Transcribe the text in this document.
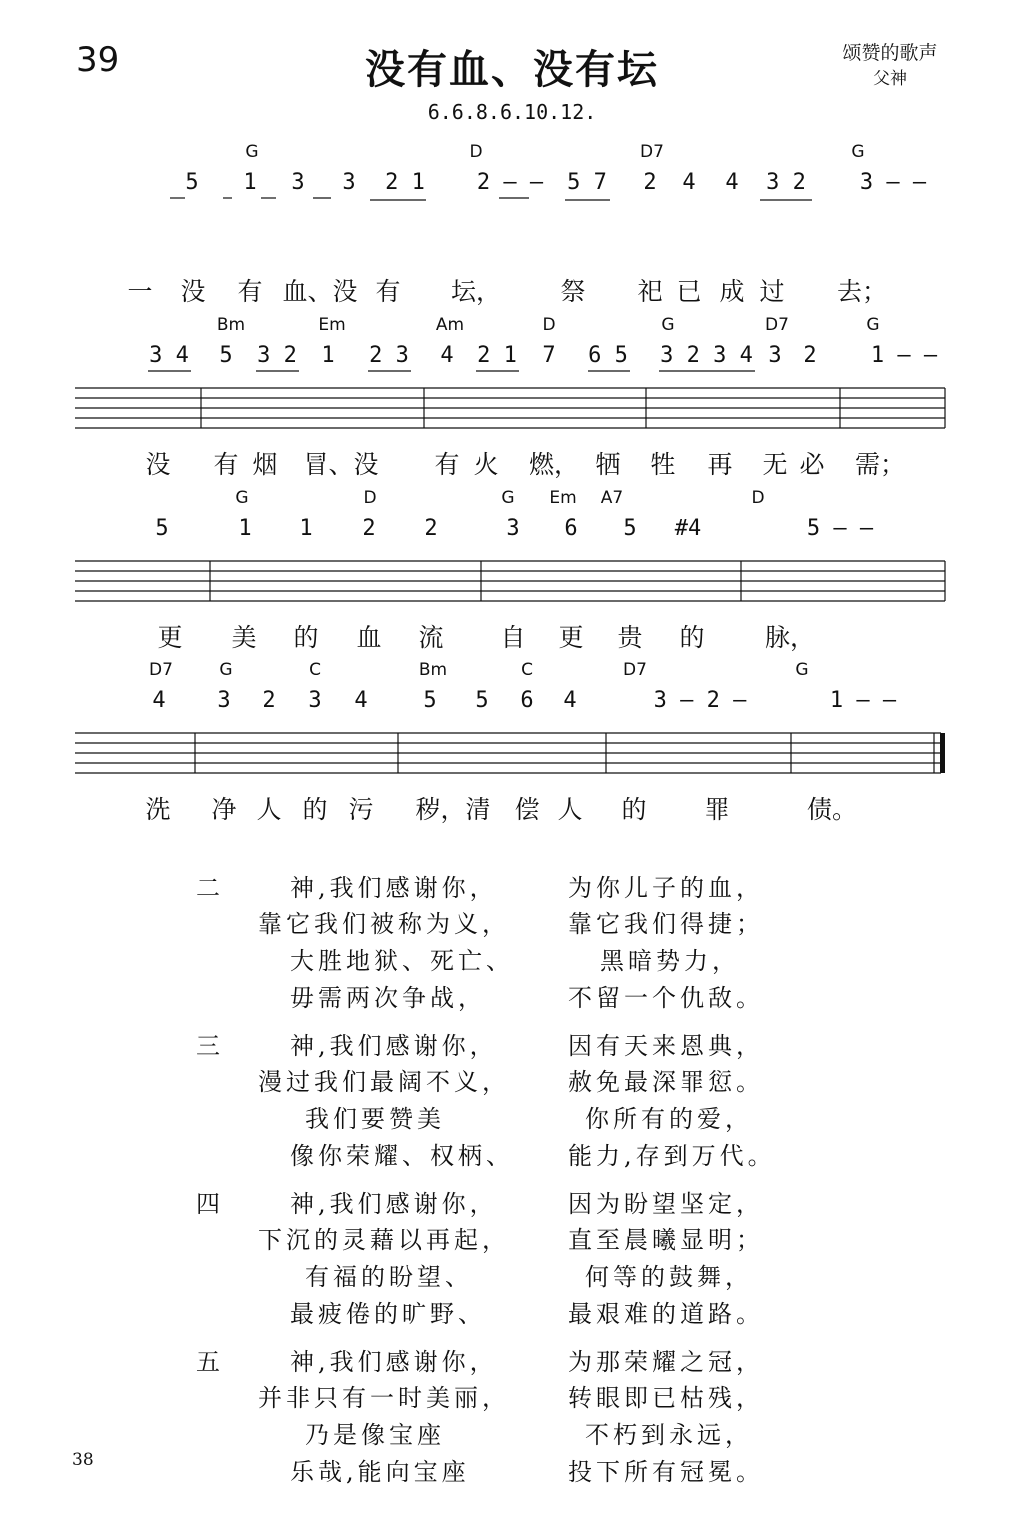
39	没有血、没有坛	颂赞的歌声
父神
6.6.8.6.10.12.
G	D	D7	G
5 1 3 3 2 1 2 – – 5 7 2 4 4 3 2 3 – –
一 没 有 血、没 有 坛， 祭 祀 已 成 过 去；
Bm	Em	Am	D	G	D7	G
3 4 5 3 2 1 2 3 4 2 1 7 6 5 3 2 3 4 3 2 1 – –
没 有 烟 冒、没 有 火 燃， 牺 牲 再 无 必 需；
G	D	G Em A7	D
5	1 1 2 2	3 6 5 #4	5 – –
更 美 的 血 流 自 更 贵 的 脉，
D7	G	C	Bm	C	D7	G
4 3 2 3 4	5 5 6 4	3 – 2 –	1 – –
洗 净 人 的 污 秽，清 偿 人 的 罪	债。
二	神,我们感谢你，	为你儿子的血，
靠它我们被称为义， 靠它我们得捷；
大胜地狱、死亡、	黑暗势力，
毋需两次争战，	不留一个仇敌。
三	神,我们感谢你，	因有天来恩典，
漫过我们最阔不义， 赦免最深罪愆。
我们要赞美	你所有的爱，
像你荣耀、权柄、 能力,存到万代。
四	神,我们感谢你，	因为盼望坚定，
下沉的灵藉以再起， 直至晨曦显明；
有福的盼望、	何等的鼓舞，
最疲倦的旷野、	最艰难的道路。
五	神,我们感谢你，	为那荣耀之冠，
并非只有一时美丽， 转眼即已枯残，
乃是像宝座	不朽到永远，
乐哉,能向宝座	投下所有冠冕。
38
